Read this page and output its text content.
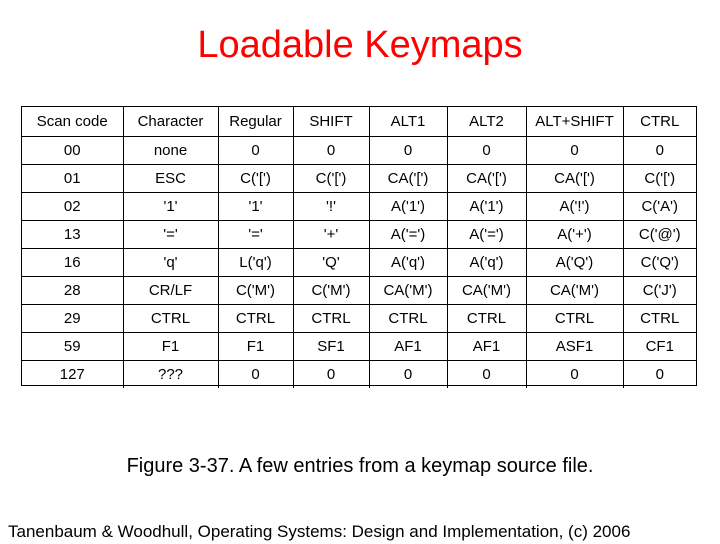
Loadable Keymaps
Scan code	Character	Regular	SHIFT	ALT1	ALT2	ALT+SHIFT	CTRL
00	none	0	0	0	0	0	0
01	ESC	C('[')	C('[')	CA('[')	CA('[')	CA('[')	C('[')
02	'1'	'1'	'!'	A('1')	A('1')	A('!')	C('A')
13	'='	'='	'+'	A('=')	A('=')	A('+')	C('@')
16	'q'	L('q')	'Q'	A('q')	A('q')	A('Q')	C('Q')
28	CR/LF	C('M')	C('M')	CA('M')	CA('M')	CA('M')	C('J')
29	CTRL	CTRL	CTRL	CTRL	CTRL	CTRL	CTRL
59	F1	F1	SF1	AF1	AF1	ASF1	CF1
127	???	0	0	0	0	0	0
Figure 3-37. A few entries from a keymap source file.
Tanenbaum & Woodhull, Operating Systems: Design and Implementation, (c) 2006
